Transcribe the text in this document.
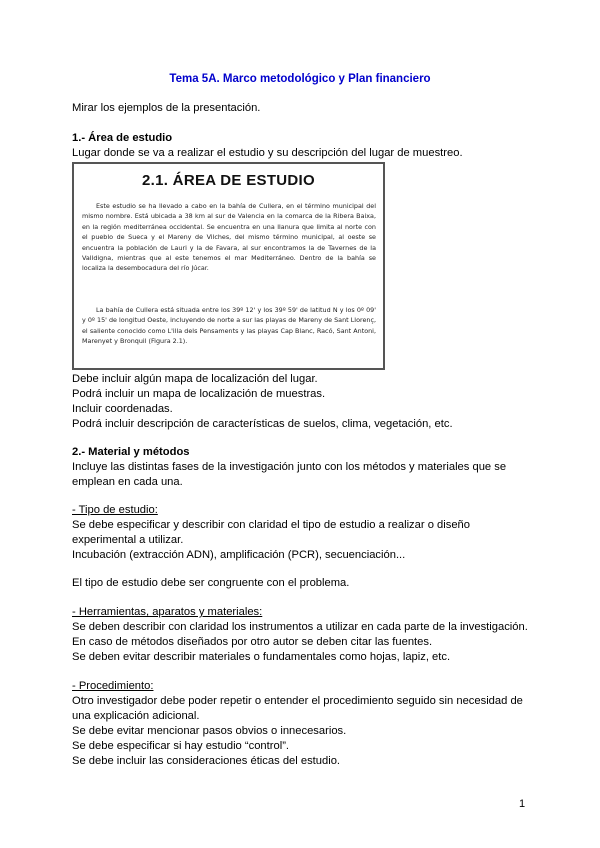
Tema 5A. Marco metodológico y Plan financiero
Mirar los ejemplos de la presentación.
1.- Área de estudio
Lugar donde se va a realizar el estudio y su descripción del lugar de muestreo.
2.1. ÁREA DE ESTUDIO
Este estudio se ha llevado a cabo en la bahía de Cullera, en el término municipal del mismo nombre. Está ubicada a 38 km al sur de Valencia en la comarca de la Ribera Baixa, en la región mediterránea occidental. Se encuentra en una llanura que limita al norte con el pueblo de Sueca y el Mareny de Vilches, del mismo término municipal, al oeste se encuentra la población de Lauri y la de Favara, al sur encontramos la de Tavernes de la Valldigna, mientras que al este tenemos el mar Mediterráneo. Dentro de la bahía se localiza la desembocadura del río Júcar.
La bahía de Cullera está situada entre los 39º 12' y los 39º 59' de latitud N y los 0º 09' y 0º 15' de longitud Oeste, incluyendo de norte a sur las playas de Mareny de Sant Llorenç, el saliente conocido como L'illa dels Pensaments y las playas Cap Blanc, Racó, Sant Antoni, Marenyet y Bronquil (Figura 2.1).
Debe incluir algún mapa de localización del lugar.
Podrá incluir un mapa de localización de muestras.
Incluir coordenadas.
Podrá incluir descripción de características de suelos, clima, vegetación, etc.
2.- Material y métodos
Incluye las distintas fases de la investigación junto con los métodos y materiales que se
emplean en cada una.
- Tipo de estudio:
Se debe especificar y describir con claridad el tipo de estudio a realizar o diseño
experimental a utilizar.
Incubación (extracción ADN), amplificación (PCR), secuenciación...
El tipo de estudio debe ser congruente con el problema.
- Herramientas, aparatos y materiales:
Se deben describir con claridad los instrumentos a utilizar en cada parte de la investigación.
En caso de métodos diseñados por otro autor se deben citar las fuentes.
Se deben evitar describir materiales o fundamentales como hojas, lapiz, etc.
- Procedimiento:
Otro investigador debe poder repetir o entender el procedimiento seguido sin necesidad de
una explicación adicional.
Se debe evitar mencionar pasos obvios o innecesarios.
Se debe especificar si hay estudio “control”.
Se debe incluir las consideraciones éticas del estudio.
1
